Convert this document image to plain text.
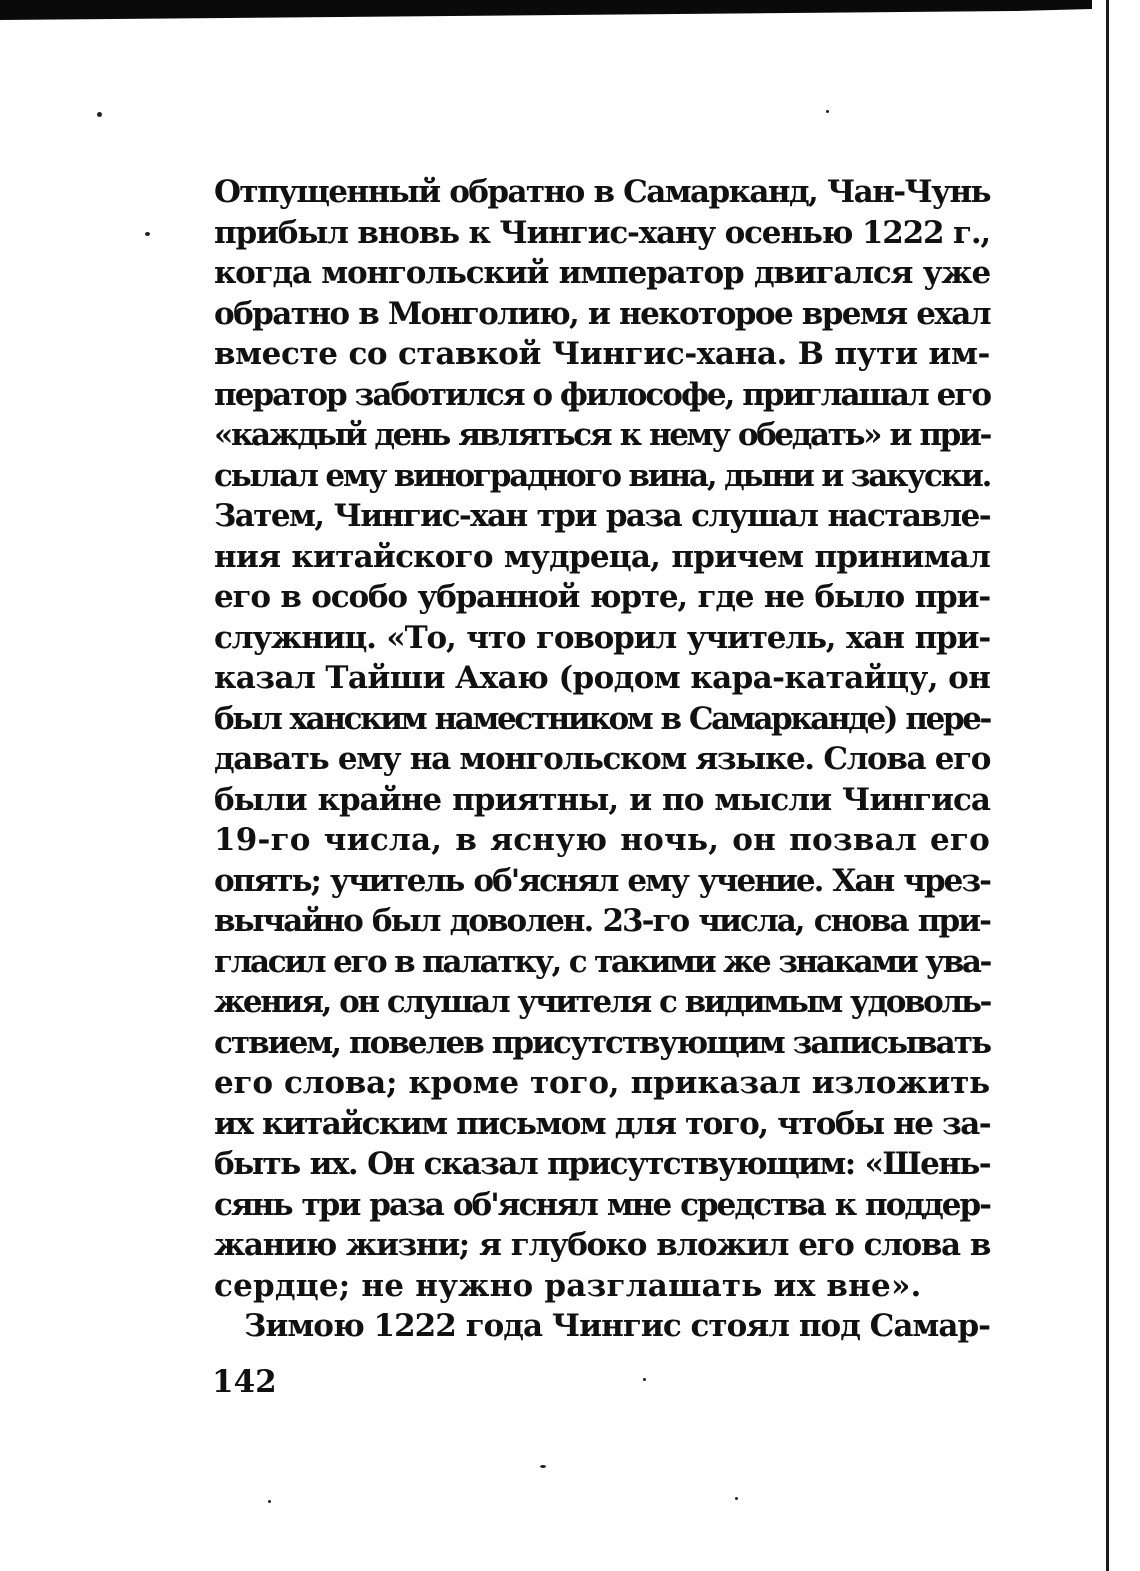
Отпущенный обратно в Самарканд, Чан-Чунь
прибыл вновь к Чингис-хану осенью 1222 г.,
когда монгольский император двигался уже
обратно в Монголию, и некоторое время ехал
вместе со ставкой Чингис-хана. В пути им-
ператор заботился о философе, приглашал его
«каждый день являться к нему обедать» и при-
сылал ему виноградного вина, дыни и закуски.
Затем, Чингис-хан три раза слушал наставле-
ния китайского мудреца, причем принимал
его в особо убранной юрте, где не было при-
служниц. «То, что говорил учитель, хан при-
казал Тайши Ахаю (родом кара-катайцу, он
был ханским наместником в Самарканде) пере-
давать ему на монгольском языке. Слова его
были крайне приятны, и по мысли Чингиса
19-го числа, в ясную ночь, он позвал его
опять; учитель об'яснял ему учение. Хан чрез-
вычайно был доволен. 23-го числа, снова при-
гласил его в палатку, с такими же знаками ува-
жения, он слушал учителя с видимым удоволь-
ствием, повелев присутствующим записывать
его слова; кроме того, приказал изложить
их китайским письмом для того, чтобы не за-
быть их. Он сказал присутствующим: «Шень-
сянь три раза об'яснял мне средства к поддер-
жанию жизни; я глубоко вложил его слова в
сердце; не нужно разглашать их вне».
Зимою 1222 года Чингис стоял под Самар-
142
